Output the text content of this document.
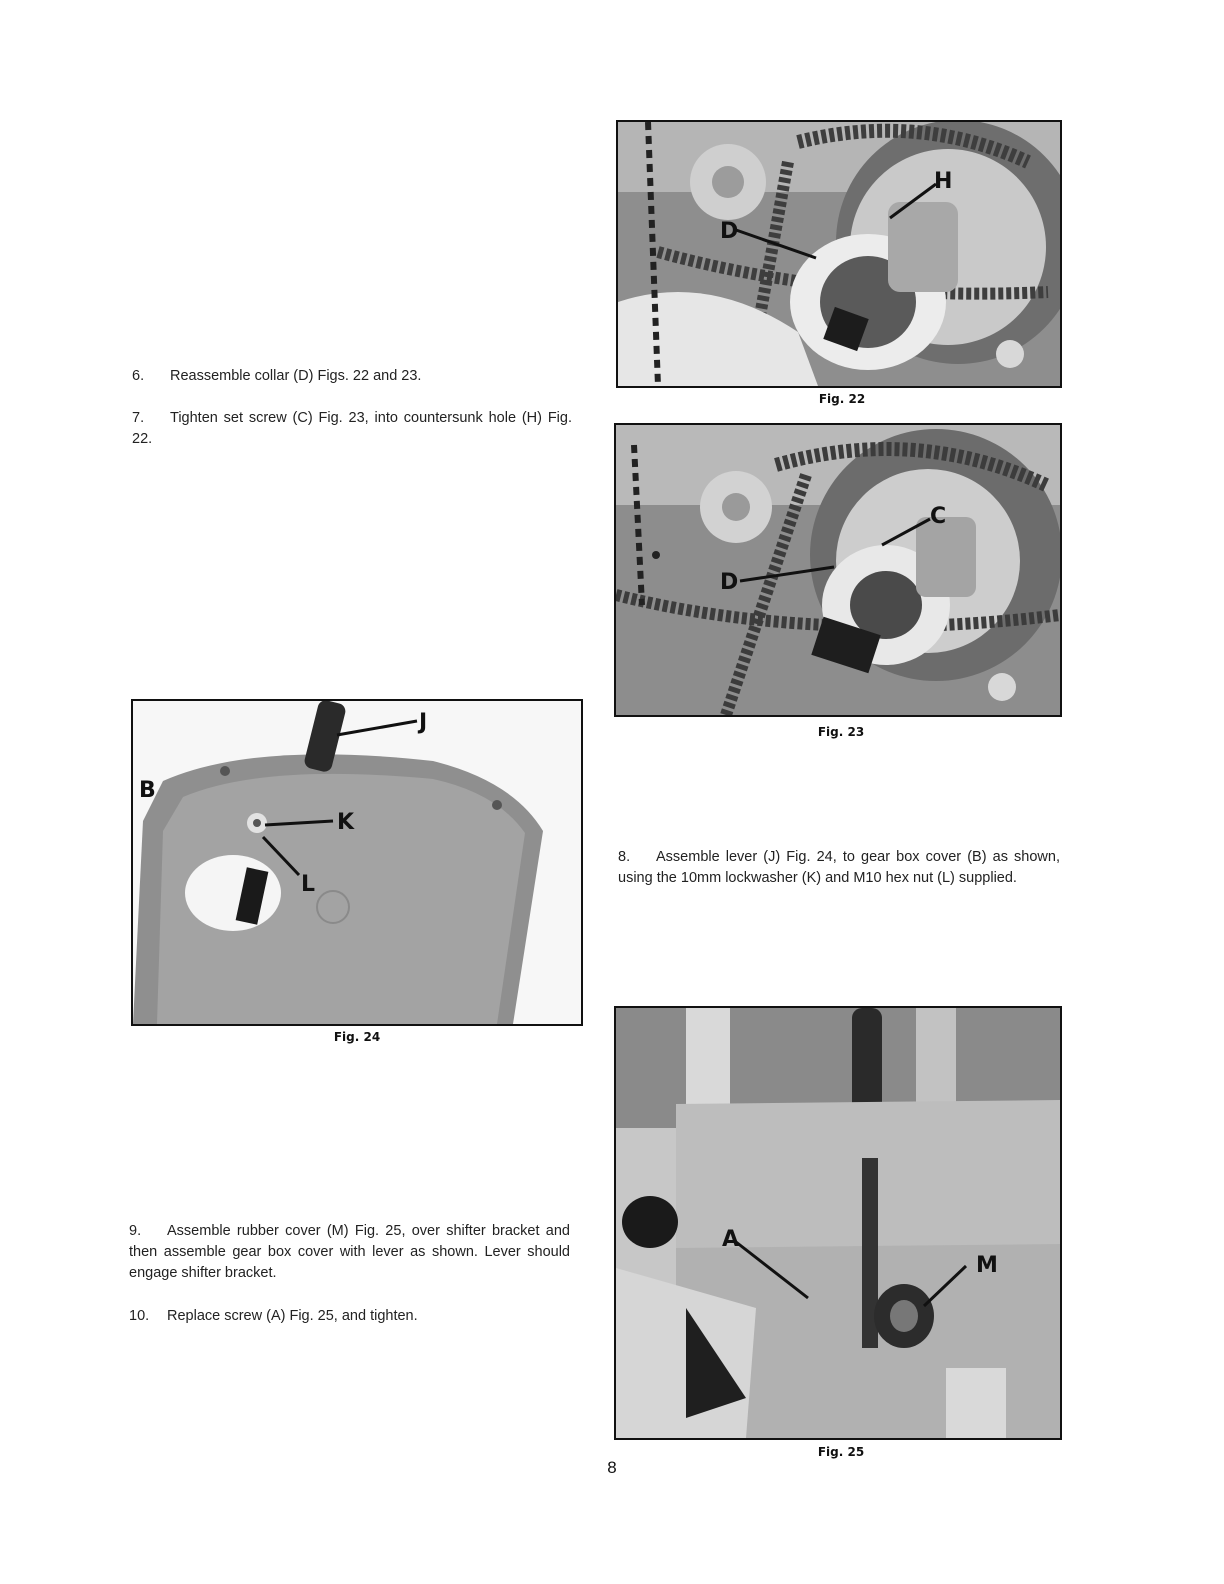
6. Reassemble collar (D) Figs. 22 and 23.

7. Tighten set screw (C) Fig. 23, into countersunk hole (H) Fig. 22.

8. Assemble lever (J) Fig. 24, to gear box cover (B) as shown, using the 10mm lockwasher (K) and M10 hex nut (L) supplied.

9. Assemble rubber cover (M) Fig. 25, over shifter bracket and then assemble gear box cover with lever as shown. Lever should engage shifter bracket.

10. Replace screw (A) Fig. 25, and tighten.

H
D
Fig. 22
C
D
Fig. 23
J
B
K
L
Fig. 24
A
M
Fig. 25
8
